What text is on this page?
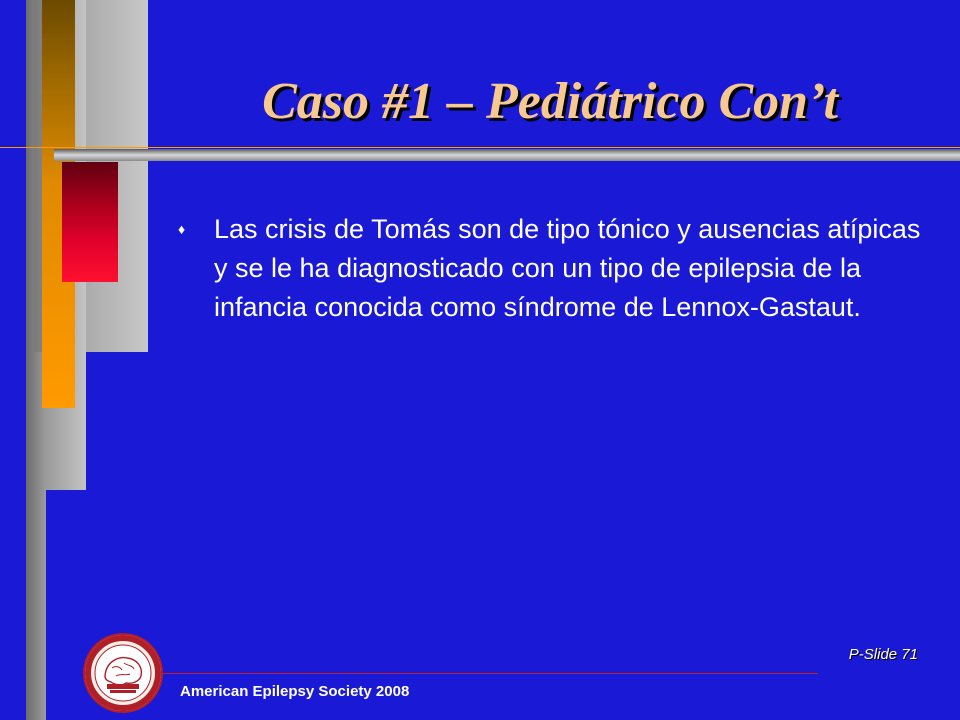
Caso #1 – Pediátrico Con’t
♦ Las crisis de Tomás son de tipo tónico y ausencias atípicas y se le ha diagnosticado con un tipo de epilepsia de la infancia conocida como síndrome de Lennox-Gastaut.
P-Slide 71
American Epilepsy Society 2008
